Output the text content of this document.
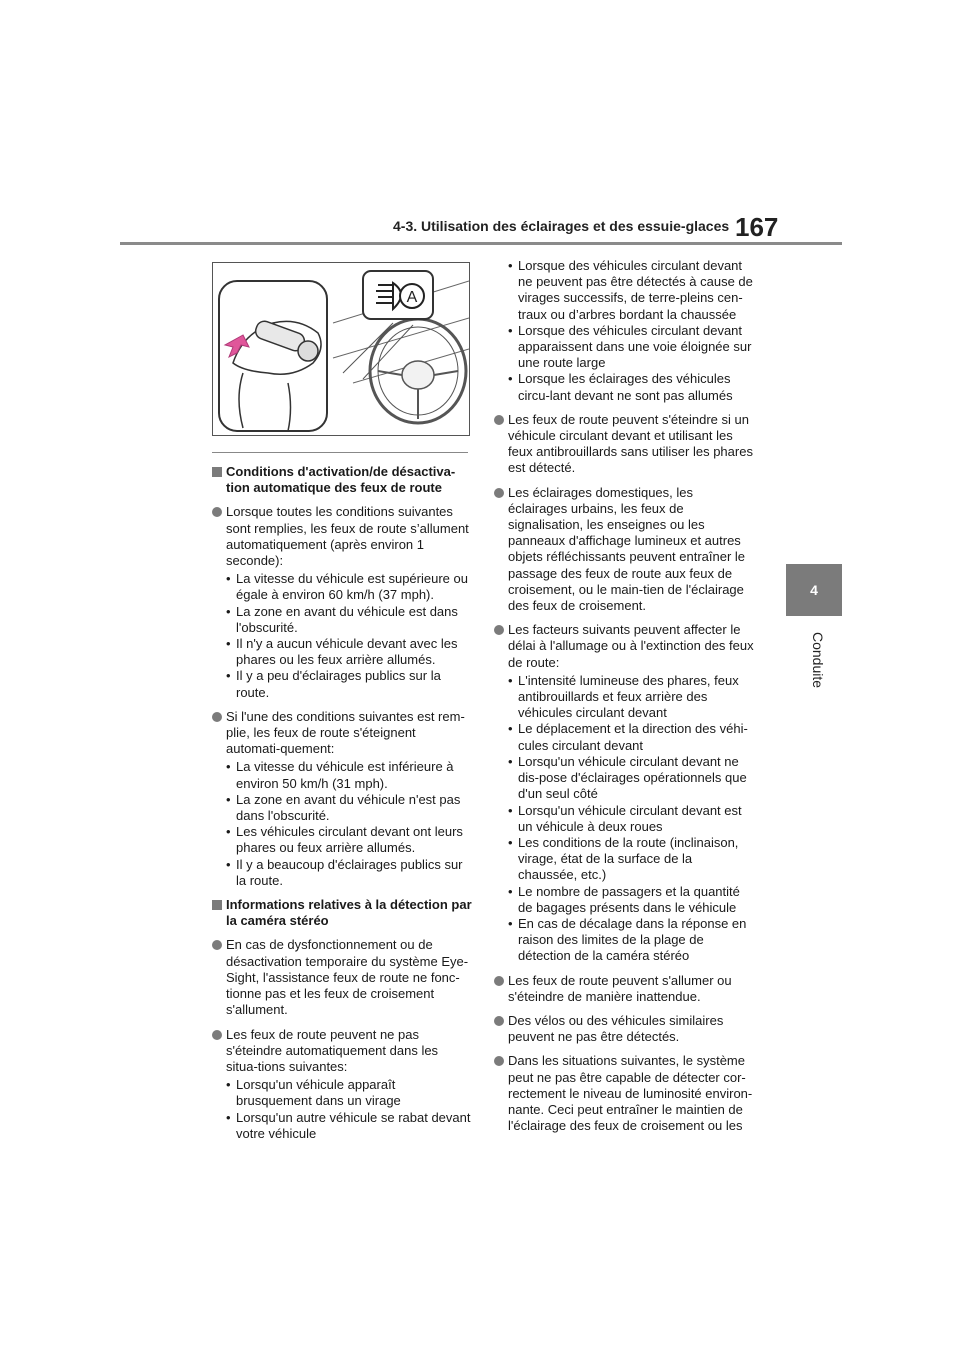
4-3. Utilisation des éclairages et des essuie-glaces 167
4
Conduite
A
Conditions d'activation/de désactiva-tion automatique des feux de route
Lorsque toutes les conditions suivantes sont remplies, les feux de route s’allument automatiquement (après environ 1 seconde):

• La vitesse du véhicule est supérieure ou égale à environ 60 km/h (37 mph).

• La zone en avant du véhicule est dans l'obscurité.

• Il n'y a aucun véhicule devant avec les phares ou les feux arrière allumés.

• Il y a peu d'éclairages publics sur la route.

Si l'une des conditions suivantes est rem-plie, les feux de route s'éteignent automati-quement:

• La vitesse du véhicule est inférieure à environ 50 km/h (31 mph).

• La zone en avant du véhicule n'est pas dans l'obscurité.

• Les véhicules circulant devant ont leurs phares ou feux arrière allumés.

• Il y a beaucoup d'éclairages publics sur la route.

Informations relatives à la détection par la caméra stéréo
En cas de dysfonctionnement ou de désactivation temporaire du système Eye-Sight, l'assistance feux de route ne fonc-tionne pas et les feux de croisement s'allument.
Les feux de route peuvent ne pas s'éteindre automatiquement dans les situa-tions suivantes:

• Lorsqu'un véhicule apparaît brusquement dans un virage

• Lorsqu'un autre véhicule se rabat devant votre véhicule

• Lorsque des véhicules circulant devant ne peuvent pas être détectés à cause de virages successifs, de terre-pleins cen-traux ou d’arbres bordant la chaussée

• Lorsque des véhicules circulant devant apparaissent dans une voie éloignée sur une route large

• Lorsque les éclairages des véhicules circu-lant devant ne sont pas allumés

Les feux de route peuvent s'éteindre si un véhicule circulant devant et utilisant les feux antibrouillards sans utiliser les phares est détecté.
Les éclairages domestiques, les éclairages urbains, les feux de signalisation, les enseignes ou les panneaux d'affichage lumineux et autres objets réfléchissants peuvent entraîner le passage des feux de route aux feux de croisement, ou le main-tien de l'éclairage des feux de croisement.
Les facteurs suivants peuvent affecter le délai à l'allumage ou à l'extinction des feux de route:

• L'intensité lumineuse des phares, feux antibrouillards et feux arrière des véhicules circulant devant

• Le déplacement et la direction des véhi-cules circulant devant

• Lorsqu'un véhicule circulant devant ne dis-pose d'éclairages opérationnels que d'un seul côté

• Lorsqu'un véhicule circulant devant est un véhicule à deux roues

• Les conditions de la route (inclinaison, virage, état de la surface de la chaussée, etc.)

• Le nombre de passagers et la quantité de bagages présents dans le véhicule

• En cas de décalage dans la réponse en raison des limites de la plage de détection de la caméra stéréo

Les feux de route peuvent s'allumer ou s'éteindre de manière inattendue.
Des vélos ou des véhicules similaires peuvent ne pas être détectés.
Dans les situations suivantes, le système peut ne pas être capable de détecter cor-rectement le niveau de luminosité environ-nante. Ceci peut entraîner le maintien de l'éclairage des feux de croisement ou les
